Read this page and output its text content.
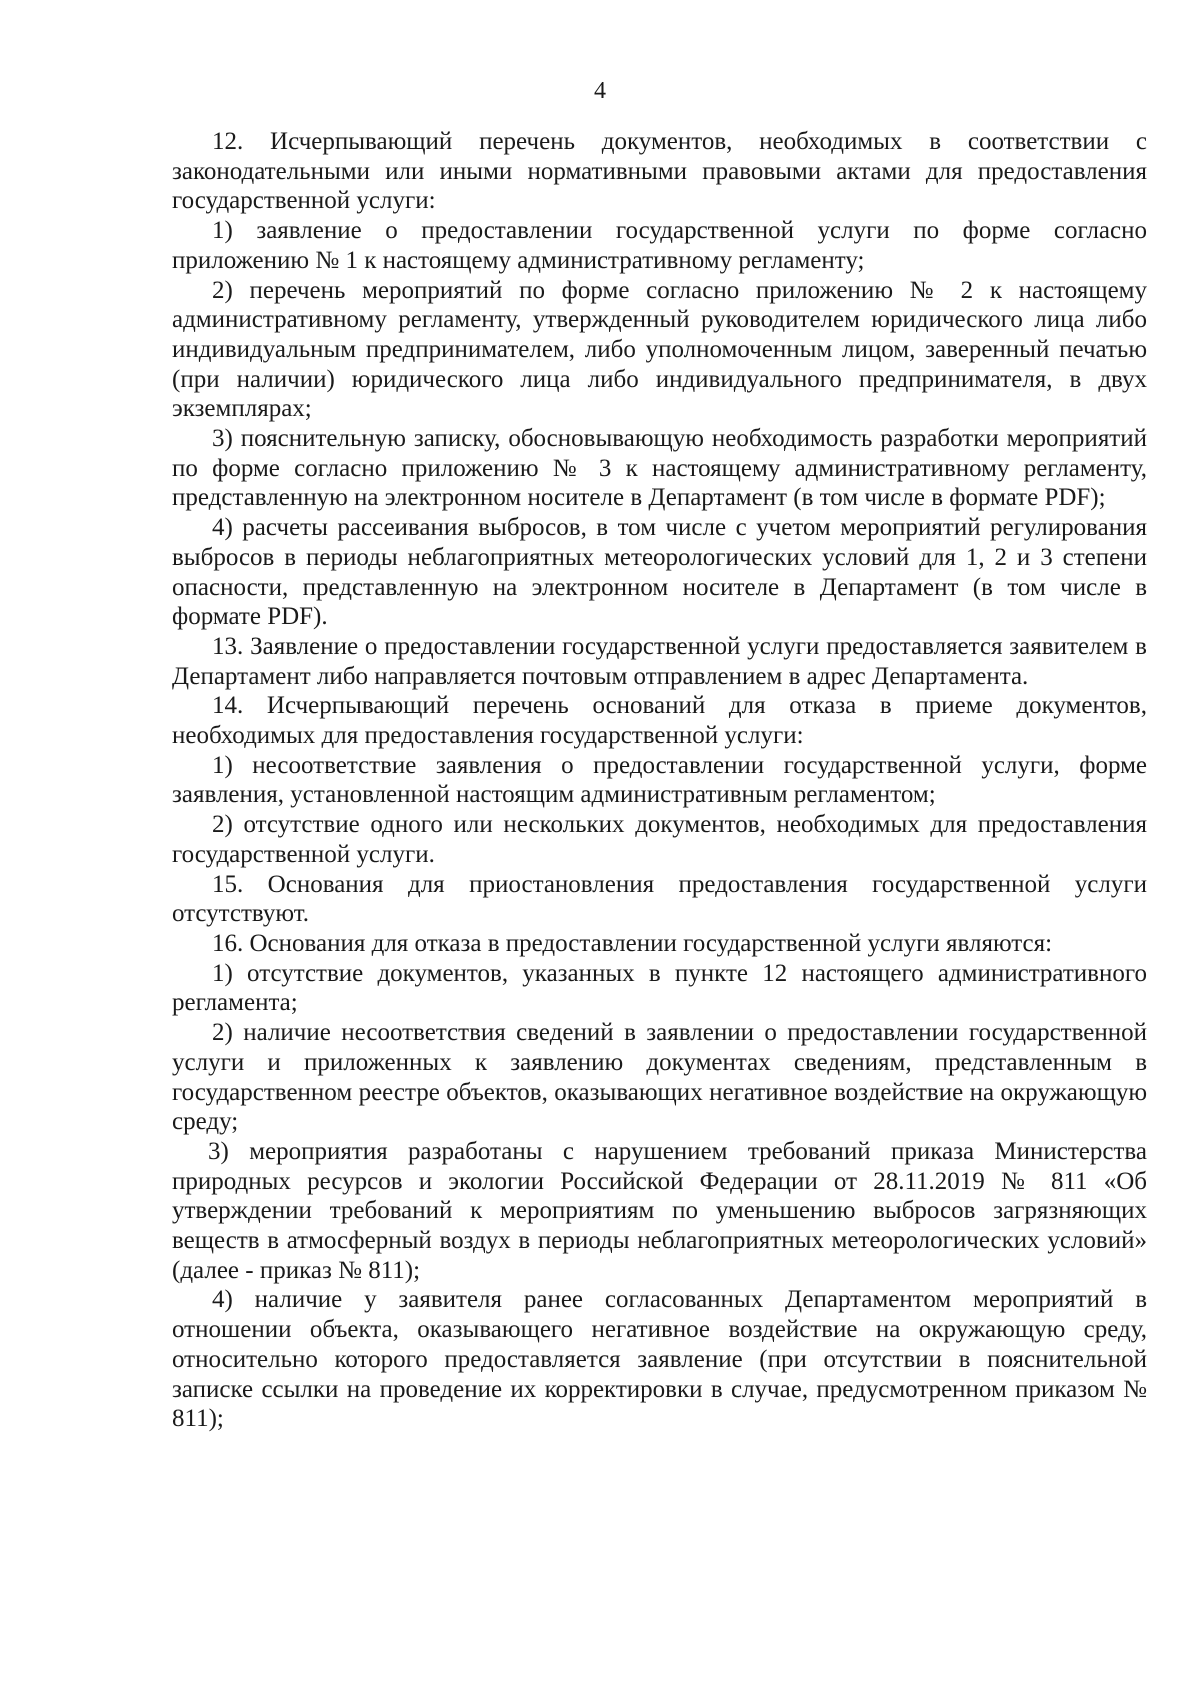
4

12. Исчерпывающий перечень документов, необходимых в соответствии с законодательными или иными нормативными правовыми актами для предоставления государственной услуги:

1) заявление о предоставлении государственной услуги по форме согласно приложению № 1 к настоящему административному регламенту;

2) перечень мероприятий по форме согласно приложению № 2 к настоящему административному регламенту, утвержденный руководителем юридического лица либо индивидуальным предпринимателем, либо уполномоченным лицом, заверенный печатью (при наличии) юридического лица либо индивидуального предпринимателя, в двух экземплярах;

3) пояснительную записку, обосновывающую необходимость разработки мероприятий по форме согласно приложению № 3 к настоящему административному регламенту, представленную на электронном носителе в Департамент (в том числе в формате PDF);

4) расчеты рассеивания выбросов, в том числе с учетом мероприятий регулирования выбросов в периоды неблагоприятных метеорологических условий для 1, 2 и 3 степени опасности, представленную на электронном носителе в Департамент (в том числе в формате PDF).

13. Заявление о предоставлении государственной услуги предоставляется заявителем в Департамент либо направляется почтовым отправлением в адрес Департамента.

14. Исчерпывающий перечень оснований для отказа в приеме документов, необходимых для предоставления государственной услуги:

1) несоответствие заявления о предоставлении государственной услуги, форме заявления, установленной настоящим административным регламентом;

2) отсутствие одного или нескольких документов, необходимых для предоставления государственной услуги.

15. Основания для приостановления предоставления государственной услуги отсутствуют.

16. Основания для отказа в предоставлении государственной услуги являются:

1) отсутствие документов, указанных в пункте 12 настоящего административного регламента;

2) наличие несоответствия сведений в заявлении о предоставлении государственной услуги и приложенных к заявлению документах сведениям, представленным в государственном реестре объектов, оказывающих негативное воздействие на окружающую среду;

3) мероприятия разработаны с нарушением требований приказа Министерства природных ресурсов и экологии Российской Федерации от 28.11.2019 № 811 «Об утверждении требований к мероприятиям по уменьшению выбросов загрязняющих веществ в атмосферный воздух в периоды неблагоприятных метеорологических условий» (далее - приказ № 811);

4) наличие у заявителя ранее согласованных Департаментом мероприятий в отношении объекта, оказывающего негативное воздействие на окружающую среду, относительно которого предоставляется заявление (при отсутствии в пояснительной записке ссылки на проведение их корректировки в случае, предусмотренном приказом № 811);
